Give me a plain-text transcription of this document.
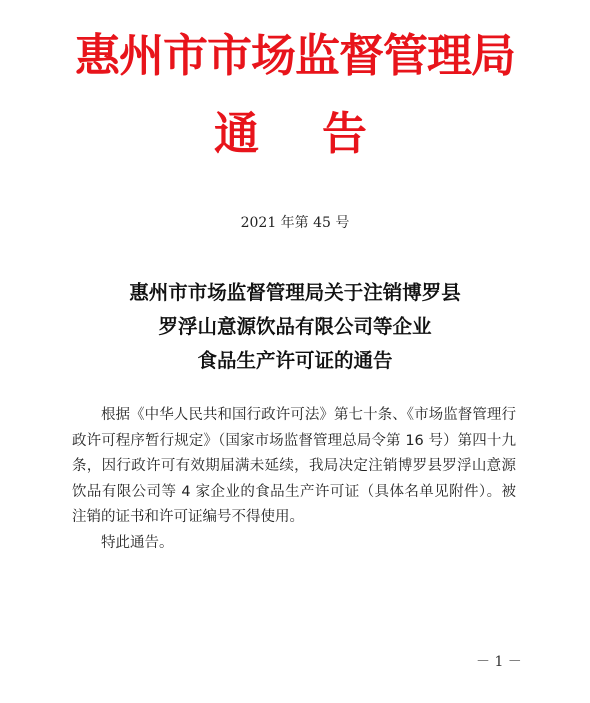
惠州市市场监督管理局
通 告
2021 年第 45 号
惠州市市场监督管理局关于注销博罗县
罗浮山意源饮品有限公司等企业
食品生产许可证的通告

根据《中华人民共和国行政许可法》第七十条、《市场监督管理行政许可程序暂行规定》（国家市场监督管理总局令第 16 号）第四十九条，因行政许可有效期届满未延续，我局决定注销博罗县罗浮山意源饮品有限公司等 4 家企业的食品生产许可证（具体名单见附件）。被注销的证书和许可证编号不得使用。

特此通告。

－ 1 －
